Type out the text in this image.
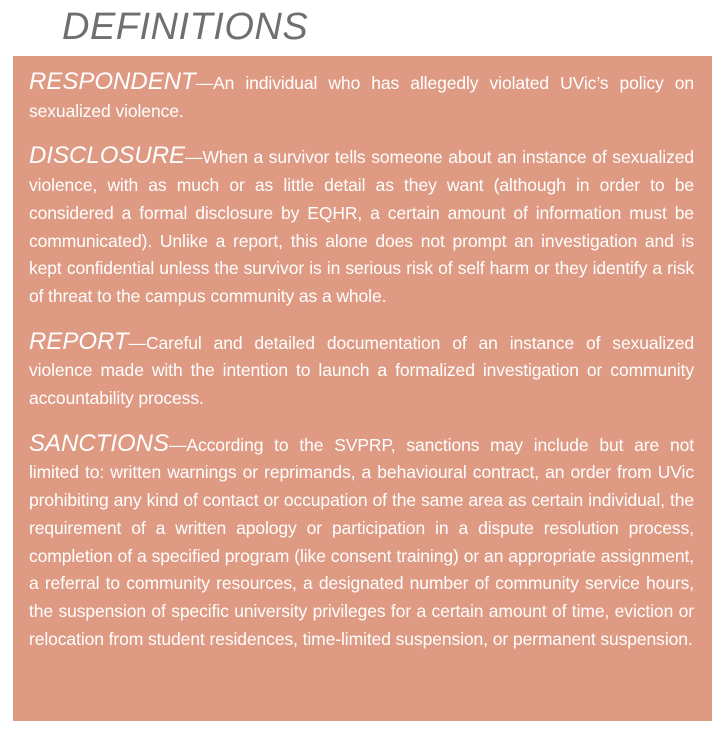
DEFINITIONS

RESPONDENT—An individual who has allegedly violated UVic’s policy on sexualized violence.

DISCLOSURE—When a survivor tells someone about an instance of sexualized violence, with as much or as little detail as they want (although in order to be considered a formal disclosure by EQHR, a certain amount of information must be communicated). Unlike a report, this alone does not prompt an investigation and is kept confidential unless the survivor is in serious risk of self harm or they identify a risk of threat to the campus community as a whole.

REPORT—Careful and detailed documentation of an instance of sexualized violence made with the intention to launch a formalized investigation or community accountability process.

SANCTIONS—According to the SVPRP, sanctions may include but are not limited to: written warnings or reprimands, a behavioural contract, an order from UVic prohibiting any kind of contact or occupation of the same area as certain individual, the requirement of a written apology or participation in a dispute resolution process, completion of a specified program (like consent training) or an appropriate assignment, a referral to community resources, a designated number of community service hours, the suspension of specific university privileges for a certain amount of time, eviction or relocation from student residences, time-limited suspension, or permanent suspension.
